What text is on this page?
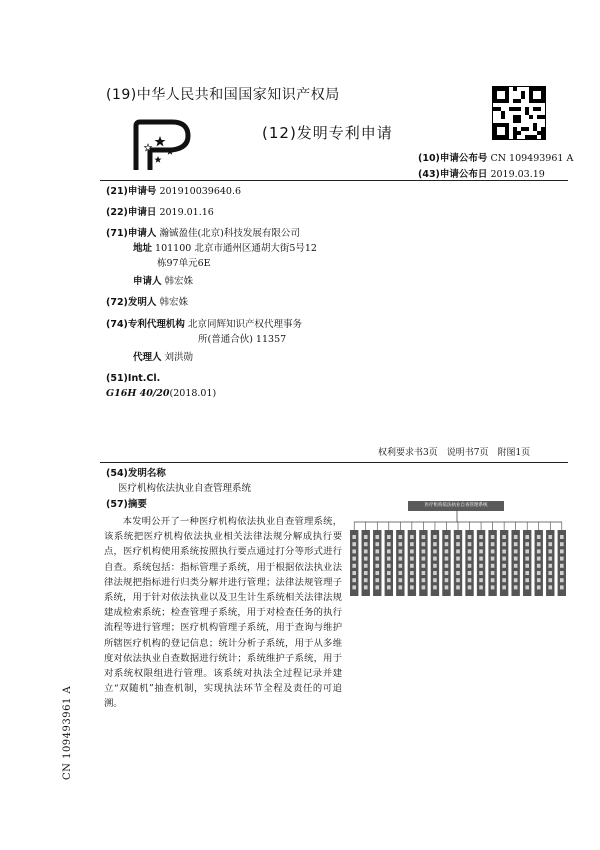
(19)中华人民共和国国家知识产权局
(12)发明专利申请
(10)申请公布号 CN 109493961 A
(43)申请公布日 2019.03.19
(21)申请号 201910039640.6
(22)申请日 2019.01.16
(71)申请人 瀚铖盈佳(北京)科技发展有限公司
地址 101100 北京市通州区通胡大街5号12
栋97单元6E
申请人 韩宏姝
(72)发明人 韩宏姝
(74)专利代理机构 北京同辉知识产权代理事务
所(普通合伙) 11357
代理人 刘洪勋
(51)Int.Cl.
G16H 40/20(2018.01)
权利要求书3页　说明书7页　附图1页
(54)发明名称
医疗机构依法执业自查管理系统
(57)摘要
本发明公开了一种医疗机构依法执业自查管理系统，该系统把医疗机构依法执业相关法律法规分解成执行要点，医疗机构使用系统按照执行要点通过打分等形式进行自查。系统包括：指标管理子系统，用于根据依法执业法律法规把指标进行归类分解并进行管理；法律法规管理子系统，用于针对依法执业以及卫生计生系统相关法律法规建成检索系统；检查管理子系统，用于对检查任务的执行流程等进行管理；医疗机构管理子系统，用于查询与维护所辖医疗机构的登记信息；统计分析子系统，用于从多维度对依法执业自查数据进行统计；系统维护子系统，用于对系统权限组进行管理。该系统对执法全过程记录并建立“双随机”抽查机制，实现执法环节全程及责任的可追溯。
医疗机构依法执业自查管理系统
CN 109493961 A
